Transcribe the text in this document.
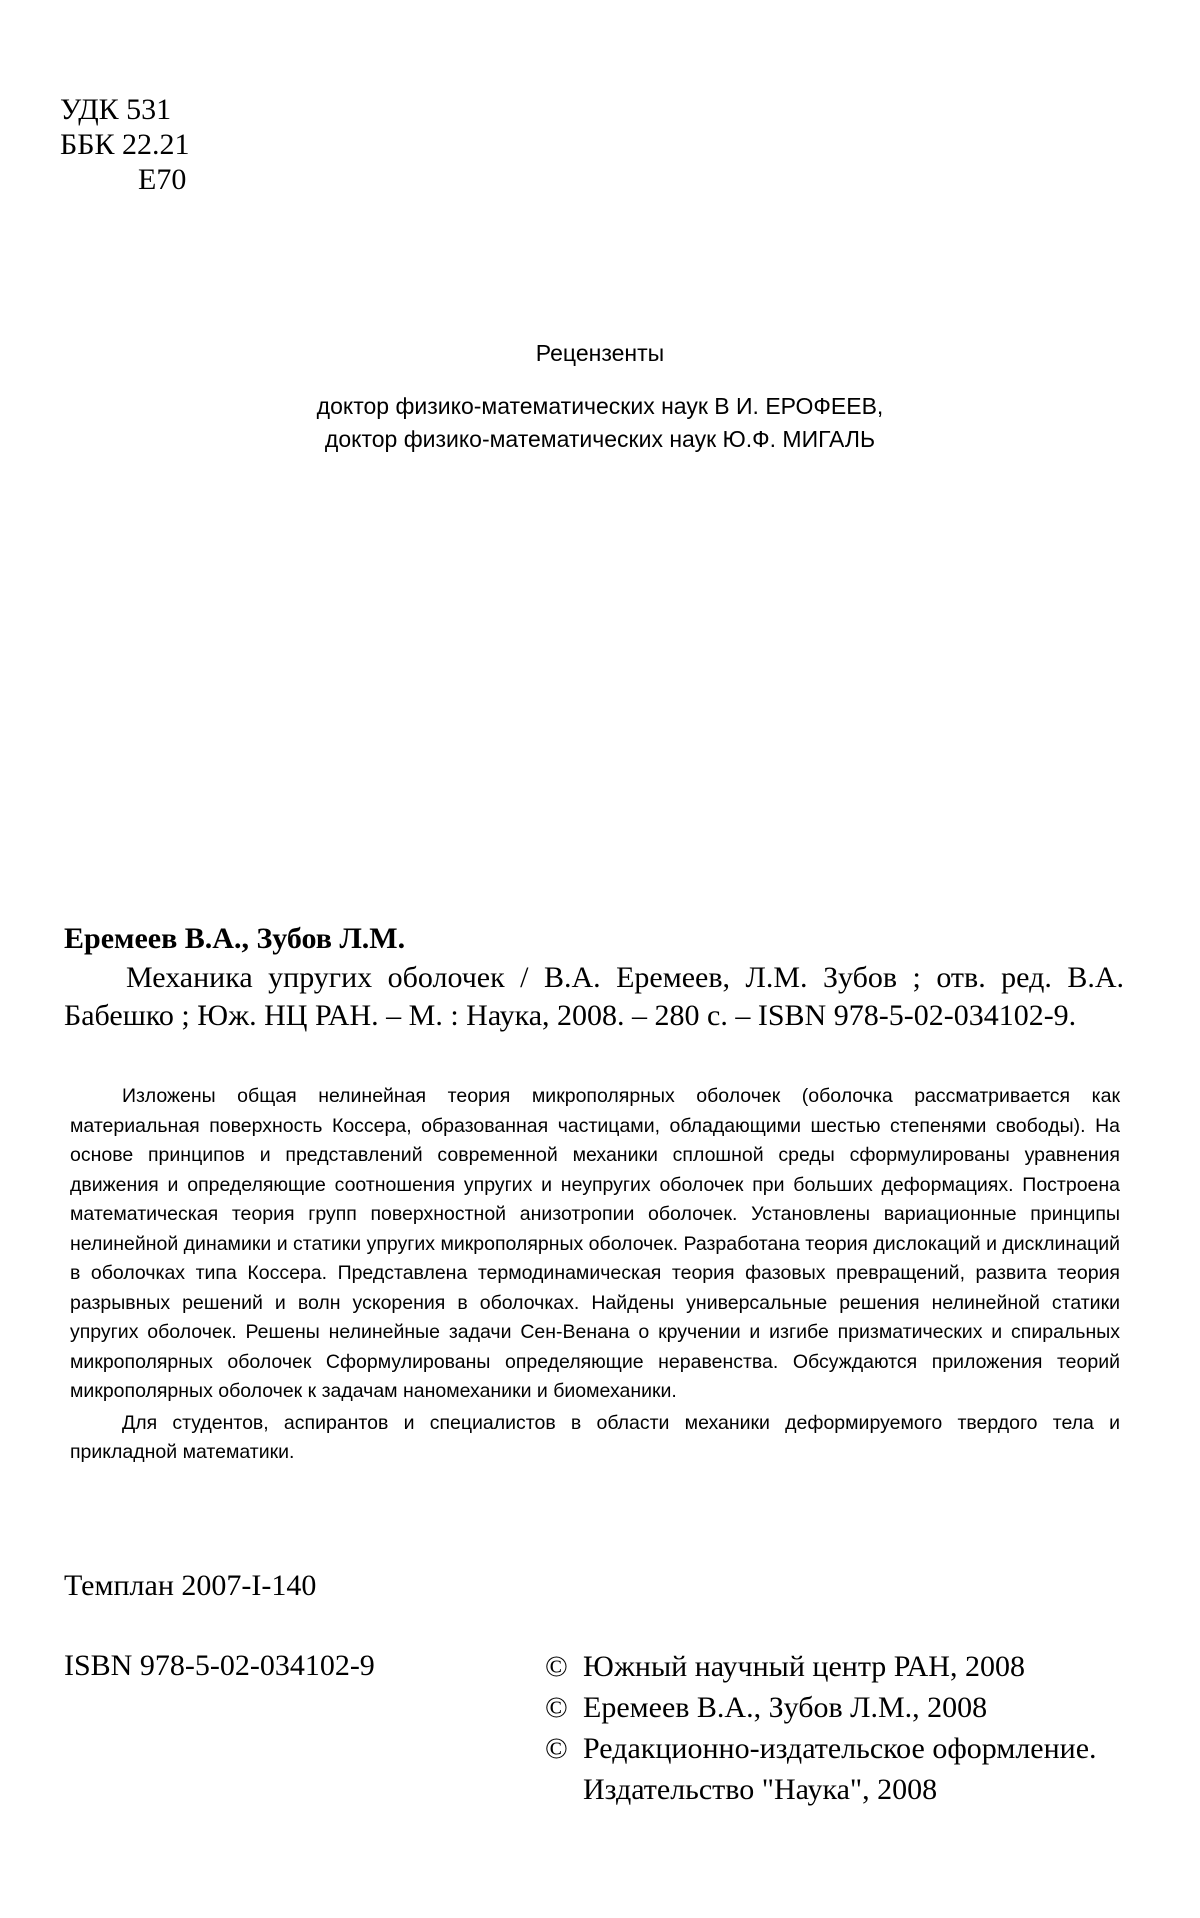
УДК 531
ББК 22.21
Е70
Рецензенты
доктор физико-математических наук В И. ЕРОФЕЕВ,
доктор физико-математических наук Ю.Ф. МИГАЛЬ
Еремеев В.А., Зубов Л.М.
Механика упругих оболочек / В.А. Еремеев, Л.М. Зубов ; отв. ред. В.А. Бабешко ; Юж. НЦ РАН. – М. : Наука, 2008. – 280 с. – ISBN 978-5-02-034102-9.

Изложены общая нелинейная теория микрополярных оболочек (оболочка рассматривается как материальная поверхность Коссера, образованная частицами, обладающими шестью степенями свободы). На основе принципов и представлений современной механики сплошной среды сформулированы уравнения движения и определяющие соотношения упругих и неупругих оболочек при больших деформациях. Построена математическая теория групп поверхностной анизотропии оболочек. Установлены вариационные принципы нелинейной динамики и статики упругих микрополярных оболочек. Разработана теория дислокаций и дисклинаций в оболочках типа Коссера. Представлена термодинамическая теория фазовых превращений, развита теория разрывных решений и волн ускорения в оболочках. Найдены универсальные решения нелинейной статики упругих оболочек. Решены нелинейные задачи Сен-Венана о кручении и изгибе призматических и спиральных микрополярных оболочек Сформулированы определяющие неравенства. Обсуждаются приложения теорий микрополярных оболочек к задачам наномеханики и биомеханики.

Для студентов, аспирантов и специалистов в области механики деформируемого твердого тела и прикладной математики.

Темплан 2007-I-140
ISBN 978-5-02-034102-9	© Южный научный центр РАН, 2008
© Еремеев В.А., Зубов Л.М., 2008
© Редакционно-издательское оформление. Издательство "Наука", 2008
